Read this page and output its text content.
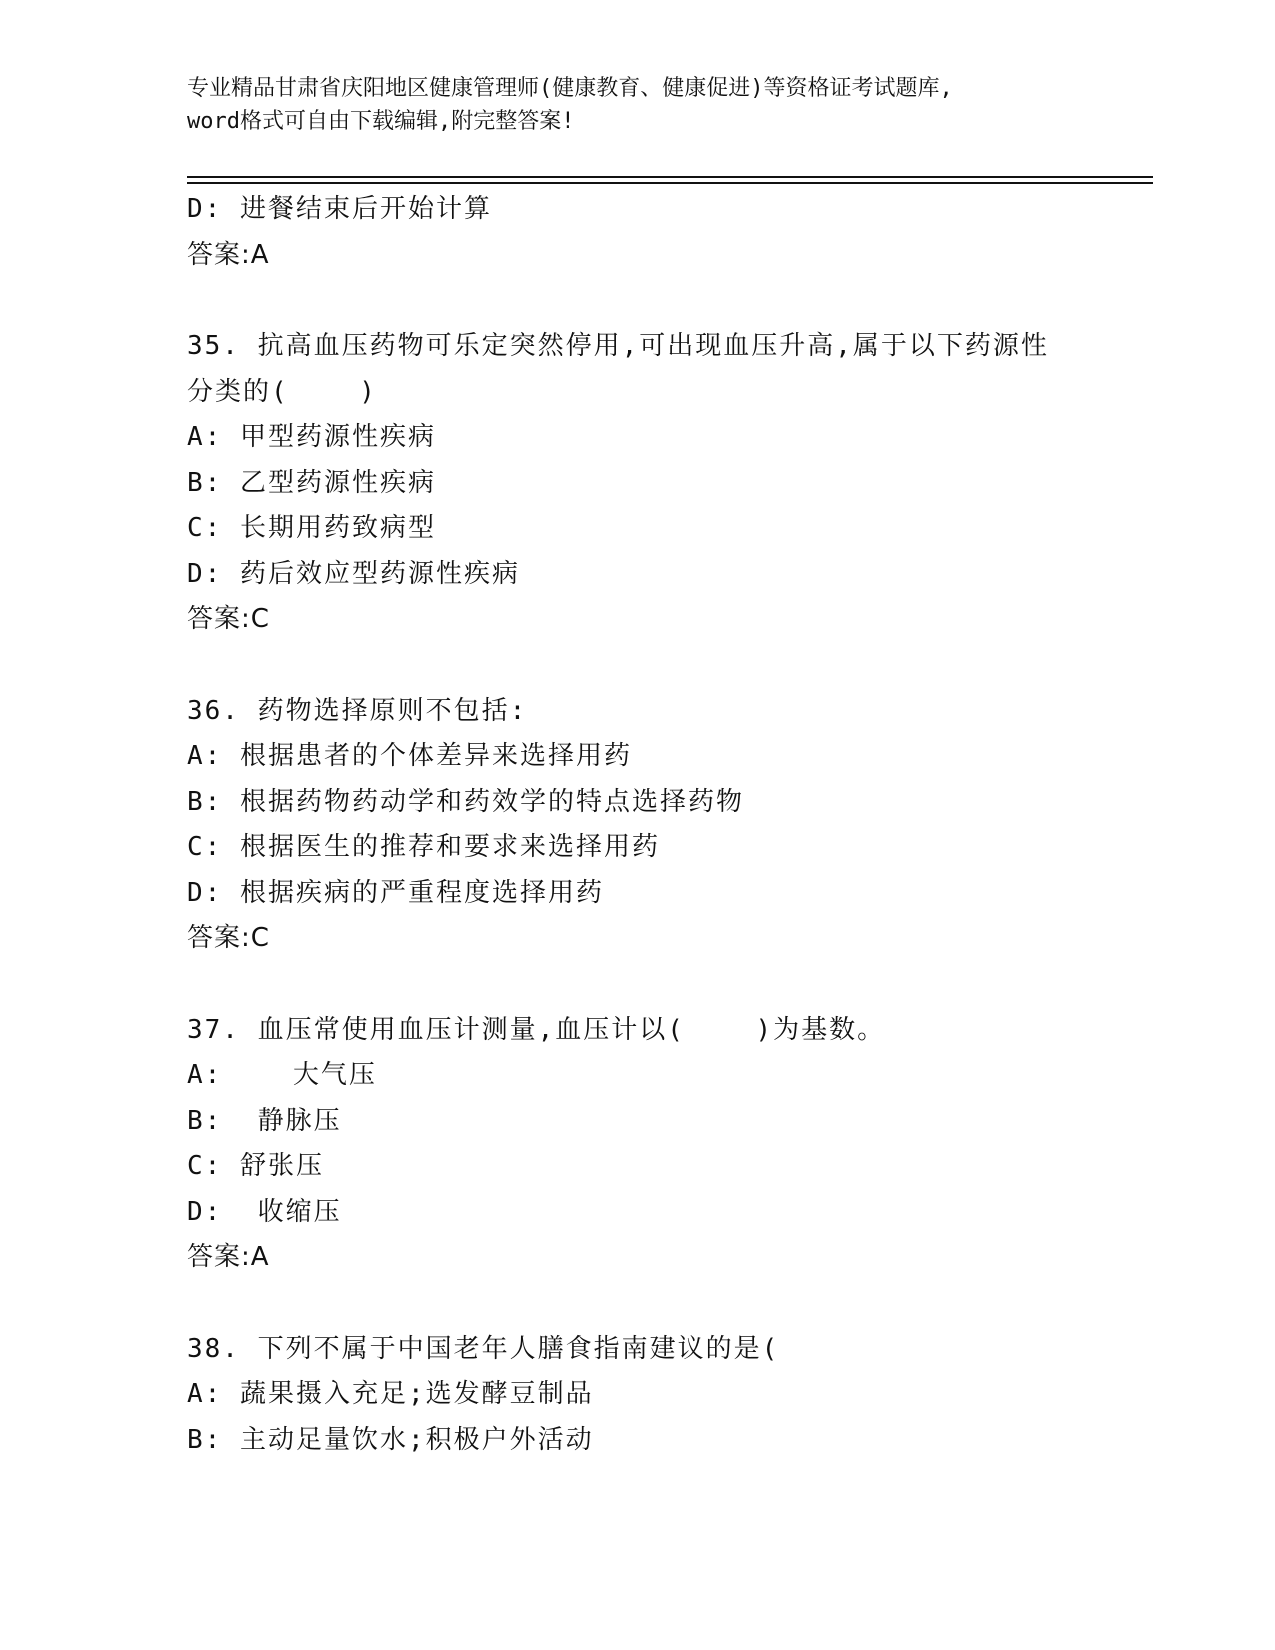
专业精品甘肃省庆阳地区健康管理师(健康教育、健康促进)等资格证考试题库,
word格式可自由下载编辑,附完整答案!
D: 进餐结束后开始计算
答案:A
35. 抗高血压药物可乐定突然停用,可出现血压升高,属于以下药源性
分类的(    )
A: 甲型药源性疾病
B: 乙型药源性疾病
C: 长期用药致病型
D: 药后效应型药源性疾病
答案:C
36. 药物选择原则不包括:
A: 根据患者的个体差异来选择用药
B: 根据药物药动学和药效学的特点选择药物
C: 根据医生的推荐和要求来选择用药
D: 根据疾病的严重程度选择用药
答案:C
37. 血压常使用血压计测量,血压计以(    )为基数。
A:    大气压
B:  静脉压
C: 舒张压
D:  收缩压
答案:A
38. 下列不属于中国老年人膳食指南建议的是(
A: 蔬果摄入充足;选发酵豆制品
B: 主动足量饮水;积极户外活动
